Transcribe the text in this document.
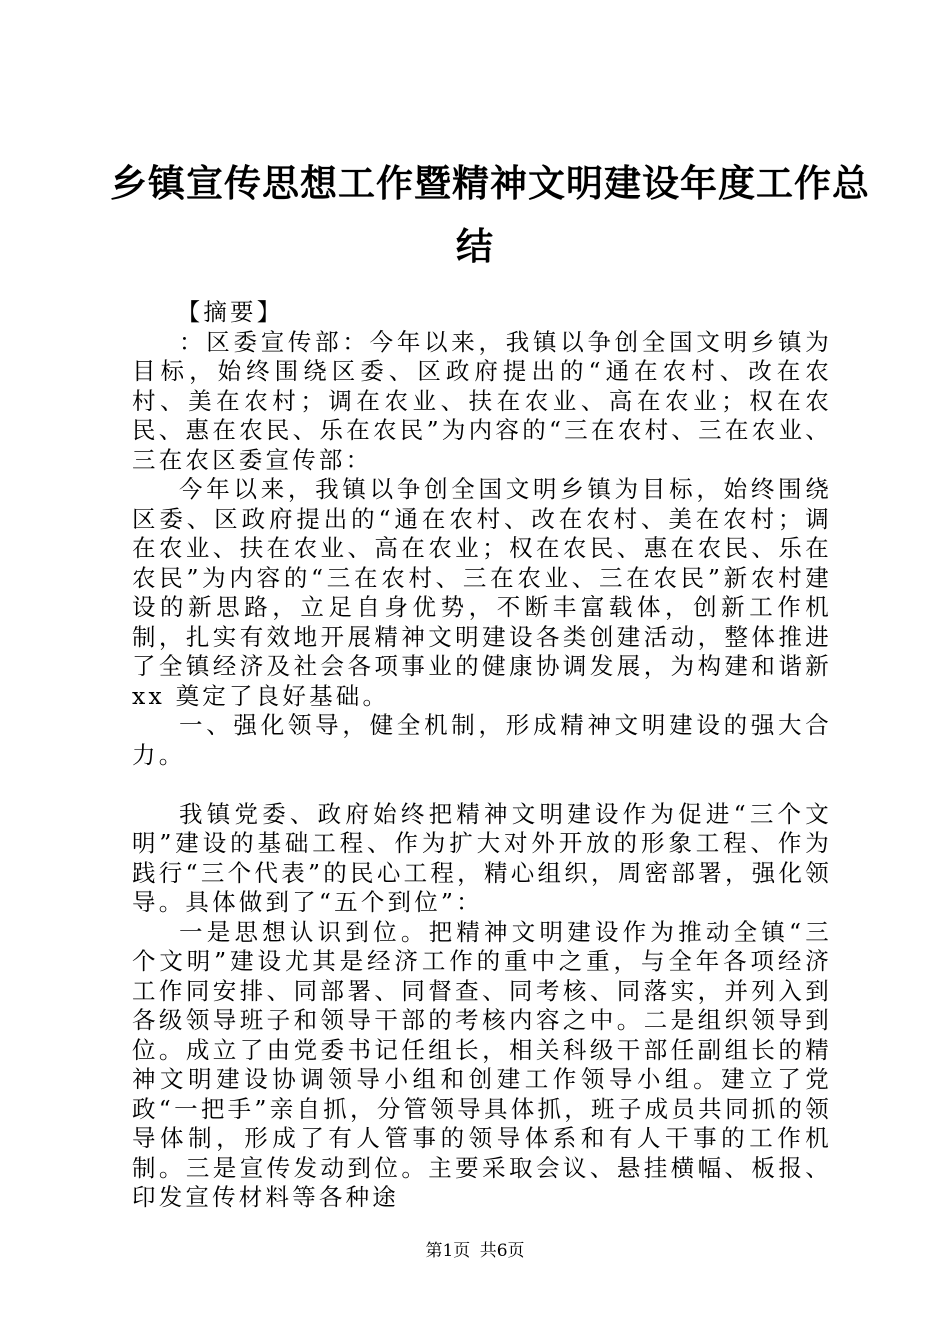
乡镇宣传思想工作暨精神文明建设年度工作总
结

【摘要】

：区委宣传部：今年以来，我镇以争创全国文明乡镇为目标，始终围绕区委、区政府提出的“通在农村、改在农村、美在农村；调在农业、扶在农业、高在农业；权在农民、惠在农民、乐在农民”为内容的“三在农村、三在农业、三在农区委宣传部：

今年以来，我镇以争创全国文明乡镇为目标，始终围绕区委、区政府提出的“通在农村、改在农村、美在农村；调在农业、扶在农业、高在农业；权在农民、惠在农民、乐在农民”为内容的“三在农村、三在农业、三在农民”新农村建设的新思路，立足自身优势，不断丰富载体，创新工作机制，扎实有效地开展精神文明建设各类创建活动，整体推进了全镇经济及社会各项事业的健康协调发展，为构建和谐新 xx 奠定了良好基础。

一、强化领导，健全机制，形成精神文明建设的强大合力。

我镇党委、政府始终把精神文明建设作为促进“三个文明”建设的基础工程、作为扩大对外开放的形象工程、作为践行“三个代表”的民心工程，精心组织，周密部署，强化领导。具体做到了“五个到位”：

一是思想认识到位。把精神文明建设作为推动全镇“三个文明”建设尤其是经济工作的重中之重，与全年各项经济工作同安排、同部署、同督查、同考核、同落实，并列入到各级领导班子和领导干部的考核内容之中。二是组织领导到位。成立了由党委书记任组长，相关科级干部任副组长的精神文明建设协调领导小组和创建工作领导小组。建立了党政“一把手”亲自抓，分管领导具体抓，班子成员共同抓的领导体制，形成了有人管事的领导体系和有人干事的工作机制。三是宣传发动到位。主要采取会议、悬挂横幅、板报、印发宣传材料等各种途

第1页 共6页
